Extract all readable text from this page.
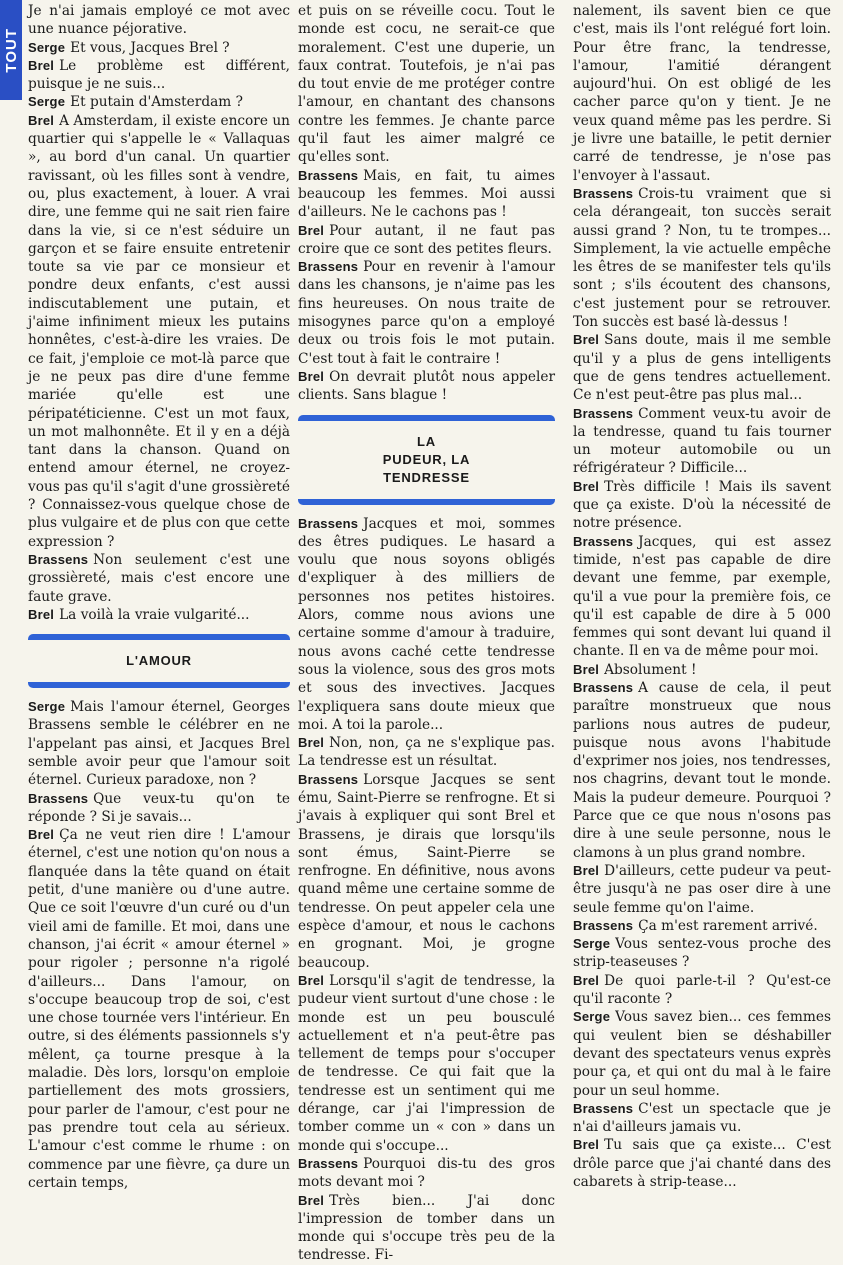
TOUT

Je n'ai jamais employé ce mot avec une nuance péjorative.

Serge Et vous, Jacques Brel ?

Brel Le problème est différent, puisque je ne suis...

Serge Et putain d'Amsterdam ?

Brel A Amsterdam, il existe encore un quartier qui s'appelle le « Vallaquas », au bord d'un canal. Un quartier ravissant, où les filles sont à vendre, ou, plus exactement, à louer. A vrai dire, une femme qui ne sait rien faire dans la vie, si ce n'est séduire un garçon et se faire ensuite entretenir toute sa vie par ce monsieur et pondre deux enfants, c'est aussi indiscutablement une putain, et j'aime infiniment mieux les putains honnêtes, c'est-à-dire les vraies. De ce fait, j'emploie ce mot-là parce que je ne peux pas dire d'une femme mariée qu'elle est une péripatéticienne. C'est un mot faux, un mot malhonnête. Et il y en a déjà tant dans la chanson. Quand on entend amour éternel, ne croyez-vous pas qu'il s'agit d'une grossièreté ? Connaissez-vous quelque chose de plus vulgaire et de plus con que cette expression ?

Brassens Non seulement c'est une grossièreté, mais c'est encore une faute grave.

Brel La voilà la vraie vulgarité...

L'AMOUR

Serge Mais l'amour éternel, Georges Brassens semble le célébrer en ne l'appelant pas ainsi, et Jacques Brel semble avoir peur que l'amour soit éternel. Curieux paradoxe, non ?

Brassens Que veux-tu qu'on te réponde ? Si je savais...

Brel Ça ne veut rien dire ! L'amour éternel, c'est une notion qu'on nous a flanquée dans la tête quand on était petit, d'une manière ou d'une autre. Que ce soit l'œuvre d'un curé ou d'un vieil ami de famille. Et moi, dans une chanson, j'ai écrit « amour éternel » pour rigoler ; personne n'a rigolé d'ailleurs... Dans l'amour, on s'occupe beaucoup trop de soi, c'est une chose tournée vers l'intérieur. En outre, si des éléments passionnels s'y mêlent, ça tourne presque à la maladie. Dès lors, lorsqu'on emploie partiellement des mots grossiers, pour parler de l'amour, c'est pour ne pas prendre tout cela au sérieux. L'amour c'est comme le rhume : on commence par une fièvre, ça dure un certain temps,

et puis on se réveille cocu. Tout le monde est cocu, ne serait-ce que moralement. C'est une duperie, un faux contrat. Toutefois, je n'ai pas du tout envie de me protéger contre l'amour, en chantant des chansons contre les femmes. Je chante parce qu'il faut les aimer malgré ce qu'elles sont.

Brassens Mais, en fait, tu aimes beaucoup les femmes. Moi aussi d'ailleurs. Ne le cachons pas !

Brel Pour autant, il ne faut pas croire que ce sont des petites fleurs.

Brassens Pour en revenir à l'amour dans les chansons, je n'aime pas les fins heureuses. On nous traite de misogynes parce qu'on a employé deux ou trois fois le mot putain. C'est tout à fait le contraire !

Brel On devrait plutôt nous appeler clients. Sans blague !

LA
PUDEUR, LA
TENDRESSE

Brassens Jacques et moi, sommes des êtres pudiques. Le hasard a voulu que nous soyons obligés d'expliquer à des milliers de personnes nos petites histoires. Alors, comme nous avions une certaine somme d'amour à traduire, nous avons caché cette tendresse sous la violence, sous des gros mots et sous des invectives. Jacques l'expliquera sans doute mieux que moi. A toi la parole...

Brel Non, non, ça ne s'explique pas. La tendresse est un résultat.

Brassens Lorsque Jacques se sent ému, Saint-Pierre se renfrogne. Et si j'avais à expliquer qui sont Brel et Brassens, je dirais que lorsqu'ils sont émus, Saint-Pierre se renfrogne. En définitive, nous avons quand même une certaine somme de tendresse. On peut appeler cela une espèce d'amour, et nous le cachons en grognant. Moi, je grogne beaucoup.

Brel Lorsqu'il s'agit de tendresse, la pudeur vient surtout d'une chose : le monde est un peu bousculé actuellement et n'a peut-être pas tellement de temps pour s'occuper de tendresse. Ce qui fait que la tendresse est un sentiment qui me dérange, car j'ai l'impression de tomber comme un « con » dans un monde qui s'occupe...

Brassens Pourquoi dis-tu des gros mots devant moi ?

Brel Très bien... J'ai donc l'impression de tomber dans un monde qui s'occupe très peu de la tendresse. Fi-

nalement, ils savent bien ce que c'est, mais ils l'ont relégué fort loin. Pour être franc, la tendresse, l'amour, l'amitié dérangent aujourd'hui. On est obligé de les cacher parce qu'on y tient. Je ne veux quand même pas les perdre. Si je livre une bataille, le petit dernier carré de tendresse, je n'ose pas l'envoyer à l'assaut.

Brassens Crois-tu vraiment que si cela dérangeait, ton succès serait aussi grand ? Non, tu te trompes... Simplement, la vie actuelle empêche les êtres de se manifester tels qu'ils sont ; s'ils écoutent des chansons, c'est justement pour se retrouver. Ton succès est basé là-dessus !

Brel Sans doute, mais il me semble qu'il y a plus de gens intelligents que de gens tendres actuellement. Ce n'est peut-être pas plus mal...

Brassens Comment veux-tu avoir de la tendresse, quand tu fais tourner un moteur automobile ou un réfrigérateur ? Difficile...

Brel Très difficile ! Mais ils savent que ça existe. D'où la nécessité de notre présence.

Brassens Jacques, qui est assez timide, n'est pas capable de dire devant une femme, par exemple, qu'il a vue pour la première fois, ce qu'il est capable de dire à 5 000 femmes qui sont devant lui quand il chante. Il en va de même pour moi.

Brel Absolument !

Brassens A cause de cela, il peut paraître monstrueux que nous parlions nous autres de pudeur, puisque nous avons l'habitude d'exprimer nos joies, nos tendresses, nos chagrins, devant tout le monde. Mais la pudeur demeure. Pourquoi ? Parce que ce que nous n'osons pas dire à une seule personne, nous le clamons à un plus grand nombre.

Brel D'ailleurs, cette pudeur va peut-être jusqu'à ne pas oser dire à une seule femme qu'on l'aime.

Brassens Ça m'est rarement arrivé.

Serge Vous sentez-vous proche des strip-teaseuses ?

Brel De quoi parle-t-il ? Qu'est-ce qu'il raconte ?

Serge Vous savez bien... ces femmes qui veulent bien se déshabiller devant des spectateurs venus exprès pour ça, et qui ont du mal à le faire pour un seul homme.

Brassens C'est un spectacle que je n'ai d'ailleurs jamais vu.

Brel Tu sais que ça existe... C'est drôle parce que j'ai chanté dans des cabarets à strip-tease...
